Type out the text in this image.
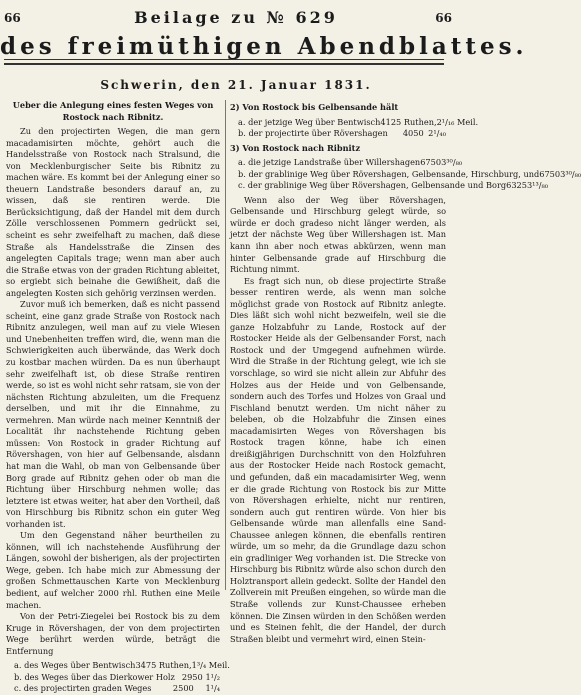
66	Beilage zu № 629	66
des freimüthigen Abendblattes.
Schwerin, den 21. Januar 1831.
Ueber die Anlegung eines festen Weges von Rostock nach Ribnitz.

Zu den projectirten Wegen, die man gern macadamisirten möchte, gehört auch die Handelsstraße von Rostock nach Stralsund, die von Mecklenburgischer Seite bis Ribnitz zu machen wäre. Es kommt bei der Anlegung einer so theuern Landstraße besonders darauf an, zu wissen, daß sie rentiren werde. Die Berücksichtigung, daß der Handel mit dem durch Zölle verschlossenen Pommern gedrückt sei, scheint es sehr zweifelhaft zu machen, daß diese Straße als Handelsstraße die Zinsen des angelegten Capitals trage; wenn man aber auch die Straße etwas von der graden Richtung ableitet, so ergiebt sich beinahe die Gewißheit, daß die angelegten Kosten sich gehörig verzinsen werden.

Zuvor muß ich bemerken, daß es nicht passend scheint, eine ganz grade Straße von Rostock nach Ribnitz anzulegen, weil man auf zu viele Wiesen und Unebenheiten treffen wird, die, wenn man die Schwierigkeiten auch überwände, das Werk doch zu kostbar machen würden. Da es nun überhaupt sehr zweifelhaft ist, ob diese Straße rentiren werde, so ist es wohl nicht sehr ratsam, sie von der nächsten Richtung abzuleiten, um die Frequenz derselben, und mit ihr die Einnahme, zu vermehren. Man würde nach meiner Kenntniß der Localität ihr nachstehende Richtung geben müssen: Von Rostock in grader Richtung auf Rövershagen, von hier auf Gelbensande, alsdann hat man die Wahl, ob man von Gelbensande über Borg grade auf Ribnitz gehen oder ob man die Richtung über Hirschburg nehmen wolle; das letztere ist etwas weiter, hat aber den Vortheil, daß von Hirschburg bis Ribnitz schon ein guter Weg vorhanden ist.

Um den Gegenstand näher beurtheilen zu können, will ich nachstehende Ausführung der Längen, sowohl der bisherigen, als der projectirten Wege, geben. Ich habe mich zur Abmessung der großen Schmettauschen Karte von Mecklenburg bedient, auf welcher 2000 rhl. Ruthen eine Meile machen.

Von der Petri-Ziegelei bei Rostock bis zu dem Kruge in Rövershagen, der von dem projectirten Wege berührt werden würde, beträgt die Entfernung

a. des Weges über Bentwisch 3475 Ruthen, 1³/₄ Meil.
b. des Weges über das Dierkower Holz 2950 1¹/₂
c. des projectirten graden Weges	2500	1¹/₄
2) Von Rostock bis Gelbensande hält
a. der jetzige Weg über Bentwisch 4125 Ruthen, 2¹/₁₆ Meil.
b. der projectirte über Rövershagen	4050 2¹/₄₀
3) Von Rostock nach Ribnitz
a. die jetzige Landstraße über Willershagen 6750 3³⁰/₈₀
b. der grablinige Weg über Rövershagen, Gelbensande, Hirschburg, und 6750 3³⁰/₈₀
c. der grablinige Weg über Rövershagen, Gelbensande und Borg 6325 3¹³/₈₀

Wenn also der Weg über Rövershagen, Gelbensande und Hirschburg gelegt würde, so würde er doch gradeso nicht länger werden, als jetzt der nächste Weg über Willershagen ist. Man kann ihn aber noch etwas abkürzen, wenn man hinter Gelbensande grade auf Hirschburg die Richtung nimmt.

Es fragt sich nun, ob diese projectirte Straße besser rentiren werde, als wenn man solche möglichst grade von Rostock auf Ribnitz anlegte. Dies läßt sich wohl nicht bezweifeln, weil sie die ganze Holzabfuhr zu Lande, Rostock auf der Rostocker Heide als der Gelbensander Forst, nach Rostock und der Umgegend aufnehmen würde. Wird die Straße in der Richtung gelegt, wie ich sie vorschlage, so wird sie nicht allein zur Abfuhr des Holzes aus der Heide und von Gelbensande, sondern auch des Torfes und Holzes von Graal und Fischland benutzt werden. Um nicht näher zu beleben, ob die Holzabfuhr die Zinsen eines macadamisirten Weges von Rövershagen bis Rostock tragen könne, habe ich einen dreißigjährigen Durchschnitt von den Holzfuhren aus der Rostocker Heide nach Rostock gemacht, und gefunden, daß ein macadamisirter Weg, wenn er die grade Richtung von Rostock bis zur Mitte von Rövershagen erhielte, nicht nur rentiren, sondern auch gut rentiren würde. Von hier bis Gelbensande würde man allenfalls eine Sand-Chaussee anlegen können, die ebenfalls rentiren würde, um so mehr, da die Grundlage dazu schon ein gradliniger Weg vorhanden ist. Die Strecke von Hirschburg bis Ribnitz würde also schon durch den Holztransport allein gedeckt. Sollte der Handel den Zollverein mit Preußen eingehen, so würde man die Straße vollends zur Kunst-Chaussee erheben können. Die Zinsen würden in den Schößen werden und es Steinen fehlt, die der Handel, der durch Straßen bleibt und vermehrt wird, einen Stein-
